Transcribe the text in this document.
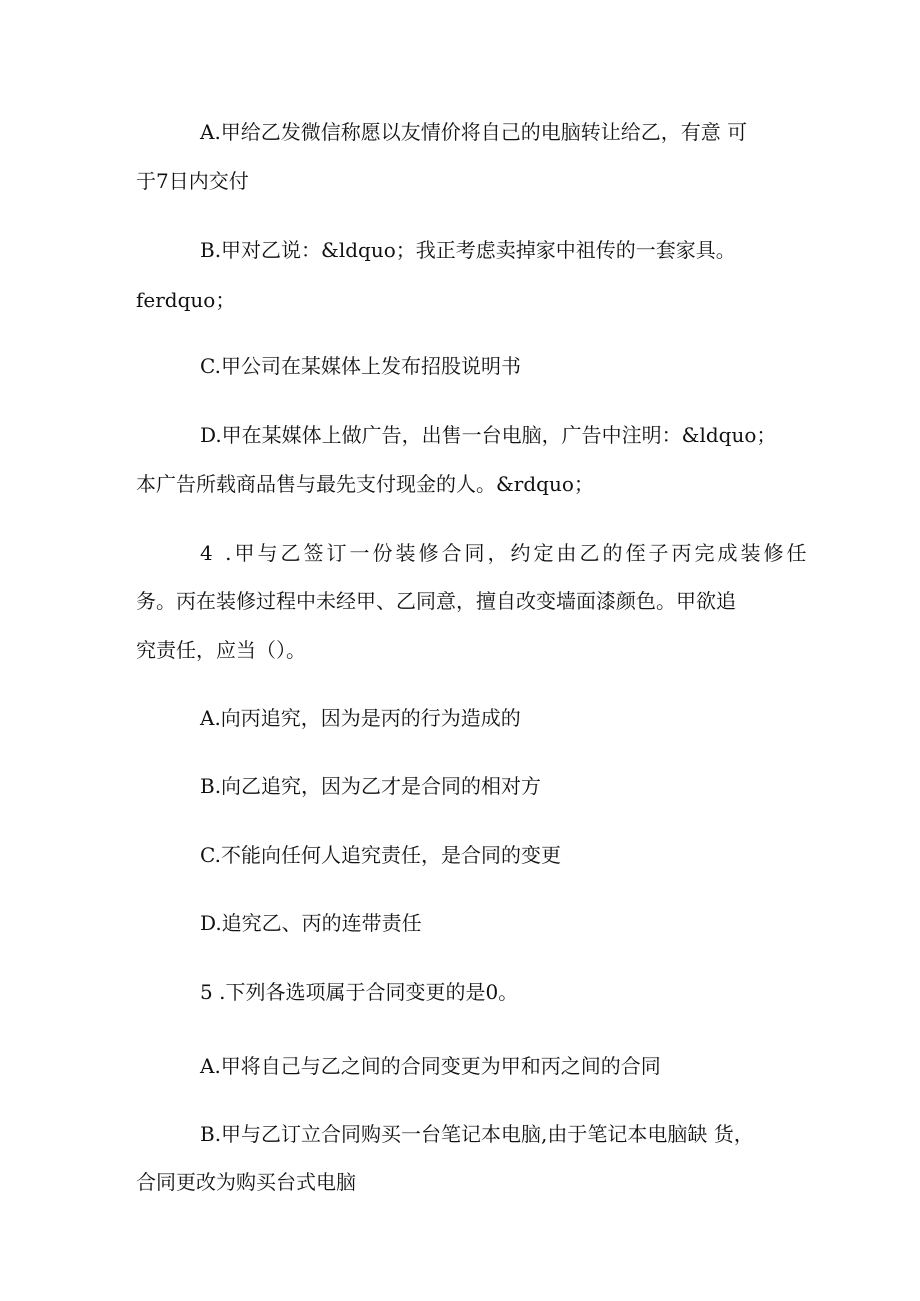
A.甲给乙发微信称愿以友情价将自己的电脑转让给乙，有意 可
于7日内交付
B.甲对乙说：&ldquo；我正考虑卖掉家中祖传的一套家具。
ferdquo；
C.甲公司在某媒体上发布招股说明书
D.甲在某媒体上做广告，出售一台电脑，广告中注明：&ldquo；
本广告所载商品售与最先支付现金的人。&rdquo；
4 .甲与乙签订一份装修合同，约定由乙的侄子丙完成装修任
务。丙在装修过程中未经甲、乙同意，擅自改变墙面漆颜色。甲欲追
究责任，应当（）。
A.向丙追究，因为是丙的行为造成的
B.向乙追究，因为乙才是合同的相对方
C.不能向任何人追究责任，是合同的变更
D.追究乙、丙的连带责任
5 .下列各选项属于合同变更的是0。
A.甲将自己与乙之间的合同变更为甲和丙之间的合同
B.甲与乙订立合同购买一台笔记本电脑,由于笔记本电脑缺 货，
合同更改为购买台式电脑
